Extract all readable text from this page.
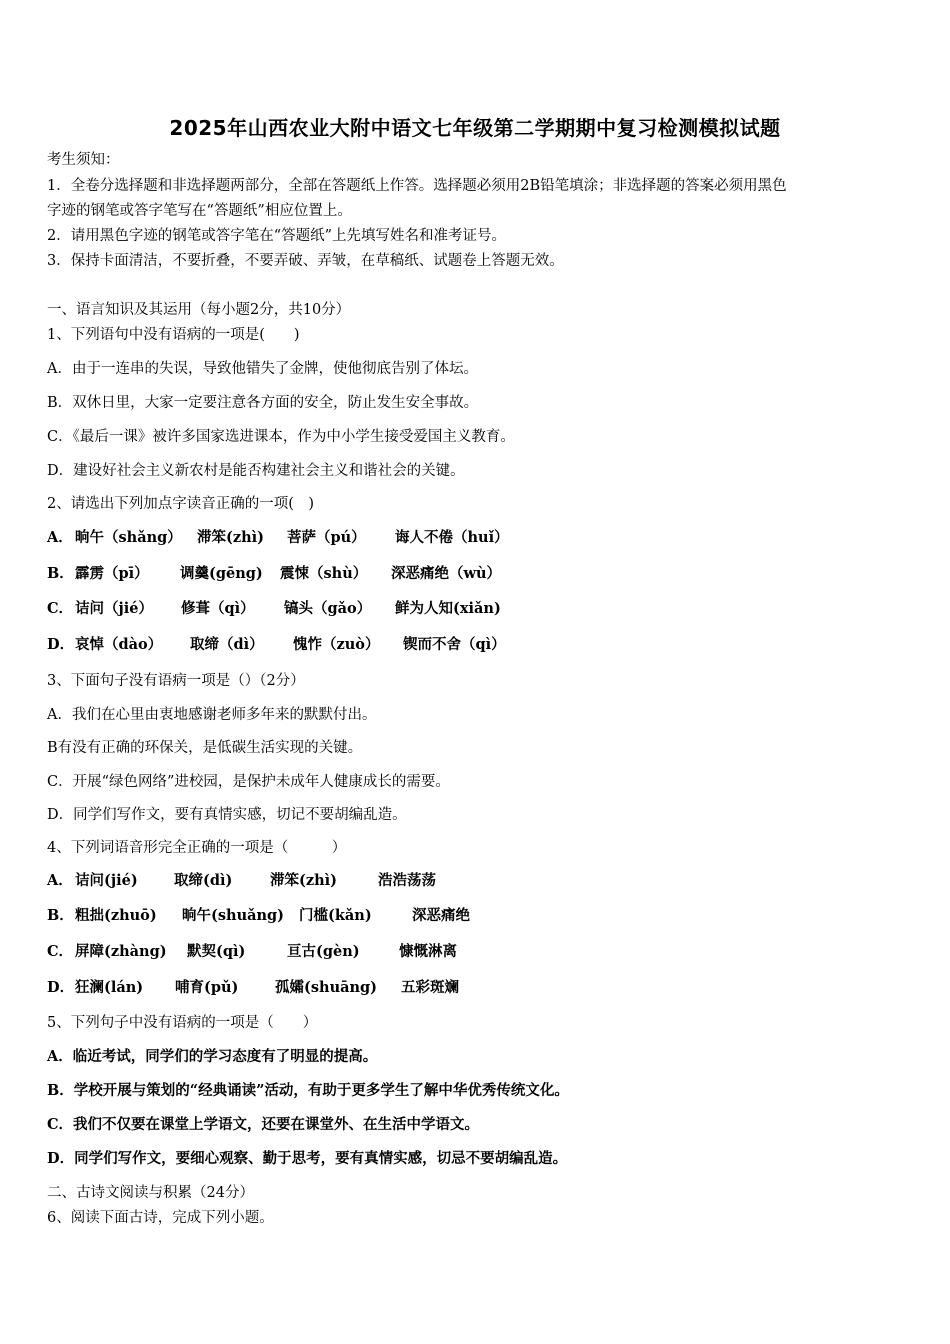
2025年山西农业大附中语文七年级第二学期期中复习检测模拟试题
考生须知：
1．全卷分选择题和非选择题两部分，全部在答题纸上作答。选择题必须用2B铅笔填涂；非选择题的答案必须用黑色
字迹的钢笔或答字笔写在“答题纸”相应位置上。
2．请用黑色字迹的钢笔或答字笔在“答题纸”上先填写姓名和准考证号。
3．保持卡面清洁，不要折叠，不要弄破、弄皱，在草稿纸、试题卷上答题无效。
一、语言知识及其运用（每小题2分，共10分）
1、下列语句中没有语病的一项是(　　)
A．由于一连串的失误，导致他错失了金牌，使他彻底告别了体坛。
B．双休日里，大家一定要注意各方面的安全，防止发生安全事故。
C．《最后一课》被许多国家选进课本，作为中小学生接受爱国主义教育。
D．建设好社会主义新农村是能否构建社会主义和谐社会的关键。
2、请选出下列加点字读音正确的一项(　)
A． 晌午（shǎng） 滞笨(zhì) 菩萨（pú） 诲人不倦（huǐ）
B． 霹雳（pī） 调羹(gēng) 震悚（shù） 深恶痛绝（wù）
C． 诘问（jié） 修葺（qì） 镐头（gǎo） 鲜为人知(xiǎn)
D． 哀悼（dào） 取缔（dì） 愧怍（zuò） 锲而不舍（qì）
3、下面句子没有语病一项是（）（2分）
A．我们在心里由衷地感谢老师多年来的默默付出。
B有没有正确的环保关，是低碳生活实现的关键。
C．开展“绿色网络”进校园，是保护未成年人健康成长的需要。
D．同学们写作文，要有真情实感，切记不要胡编乱造。
4、下列词语音形完全正确的一项是（　　　）
A． 诘问(jié)	取缔(dì)	滞笨(zhì)	浩浩荡荡
B． 粗拙(zhuō) 晌午(shuǎng) 门槛(kǎn)	深恶痛绝
C． 屏障(zhàng) 默契(qì)	亘古(gèn)	慷慨淋离
D． 狂澜(lán) 哺育(pǔ)	孤孀(shuāng) 五彩斑斓
5、下列句子中没有语病的一项是（　　）
A．临近考试，同学们的学习态度有了明显的提高。
B．学校开展与策划的“经典诵读”活动，有助于更多学生了解中华优秀传统文化。
C．我们不仅要在课堂上学语文，还要在课堂外、在生活中学语文。
D．同学们写作文，要细心观察、勤于思考，要有真情实感，切忌不要胡编乱造。
二、古诗文阅读与积累（24分）
6、阅读下面古诗，完成下列小题。
